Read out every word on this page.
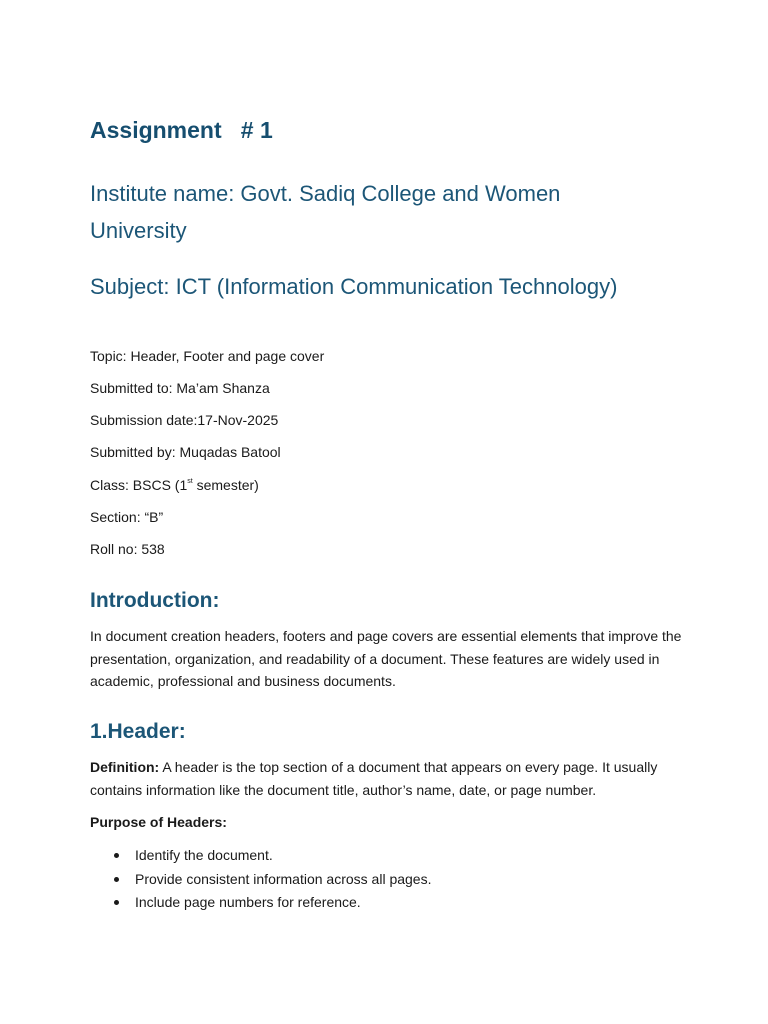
Assignment   # 1

Institute name: Govt. Sadiq College and Women University

Subject: ICT (Information Communication Technology)

Topic: Header, Footer and page cover

Submitted to: Ma’am Shanza

Submission date:17-Nov-2025

Submitted by: Muqadas Batool

Class: BSCS (1st semester)

Section: “B”

Roll no: 538

Introduction:

In document creation headers, footers and page covers are essential elements that improve the presentation, organization, and readability of a document. These features are widely used in academic, professional and business documents.

1.Header:

Definition: A header is the top section of a document that appears on every page. It usually contains information like the document title, author’s name, date, or page number.

Purpose of Headers:

Identify the document.
Provide consistent information across all pages.
Include page numbers for reference.
